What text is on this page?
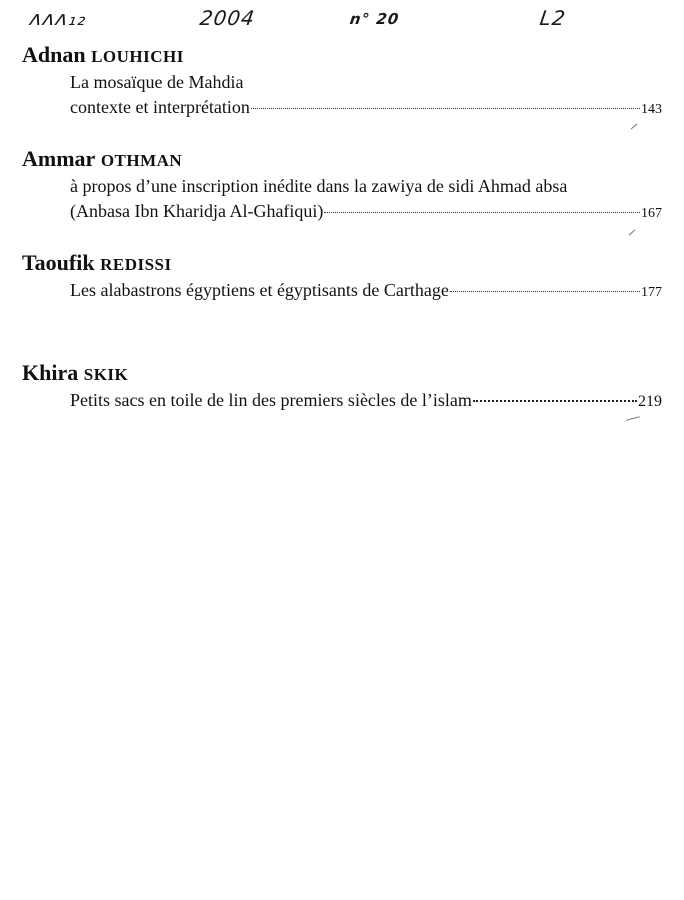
ʌʌʌ₁₂	2004	n° 20	L2

Adnan LOUHICHI

La mosaïque de Mahdia
contexte et interprétation	143

Ammar OTHMAN

à propos d’une inscription inédite dans la zawiya de sidi Ahmad absa
(Anbasa Ibn Kharidja Al-Ghafiqui)	167

Taoufik REDISSI

Les alabastrons égyptiens et égyptisants de Carthage	177

Khira SKIK

Petits sacs en toile de lin des premiers siècles de l’islam	219
